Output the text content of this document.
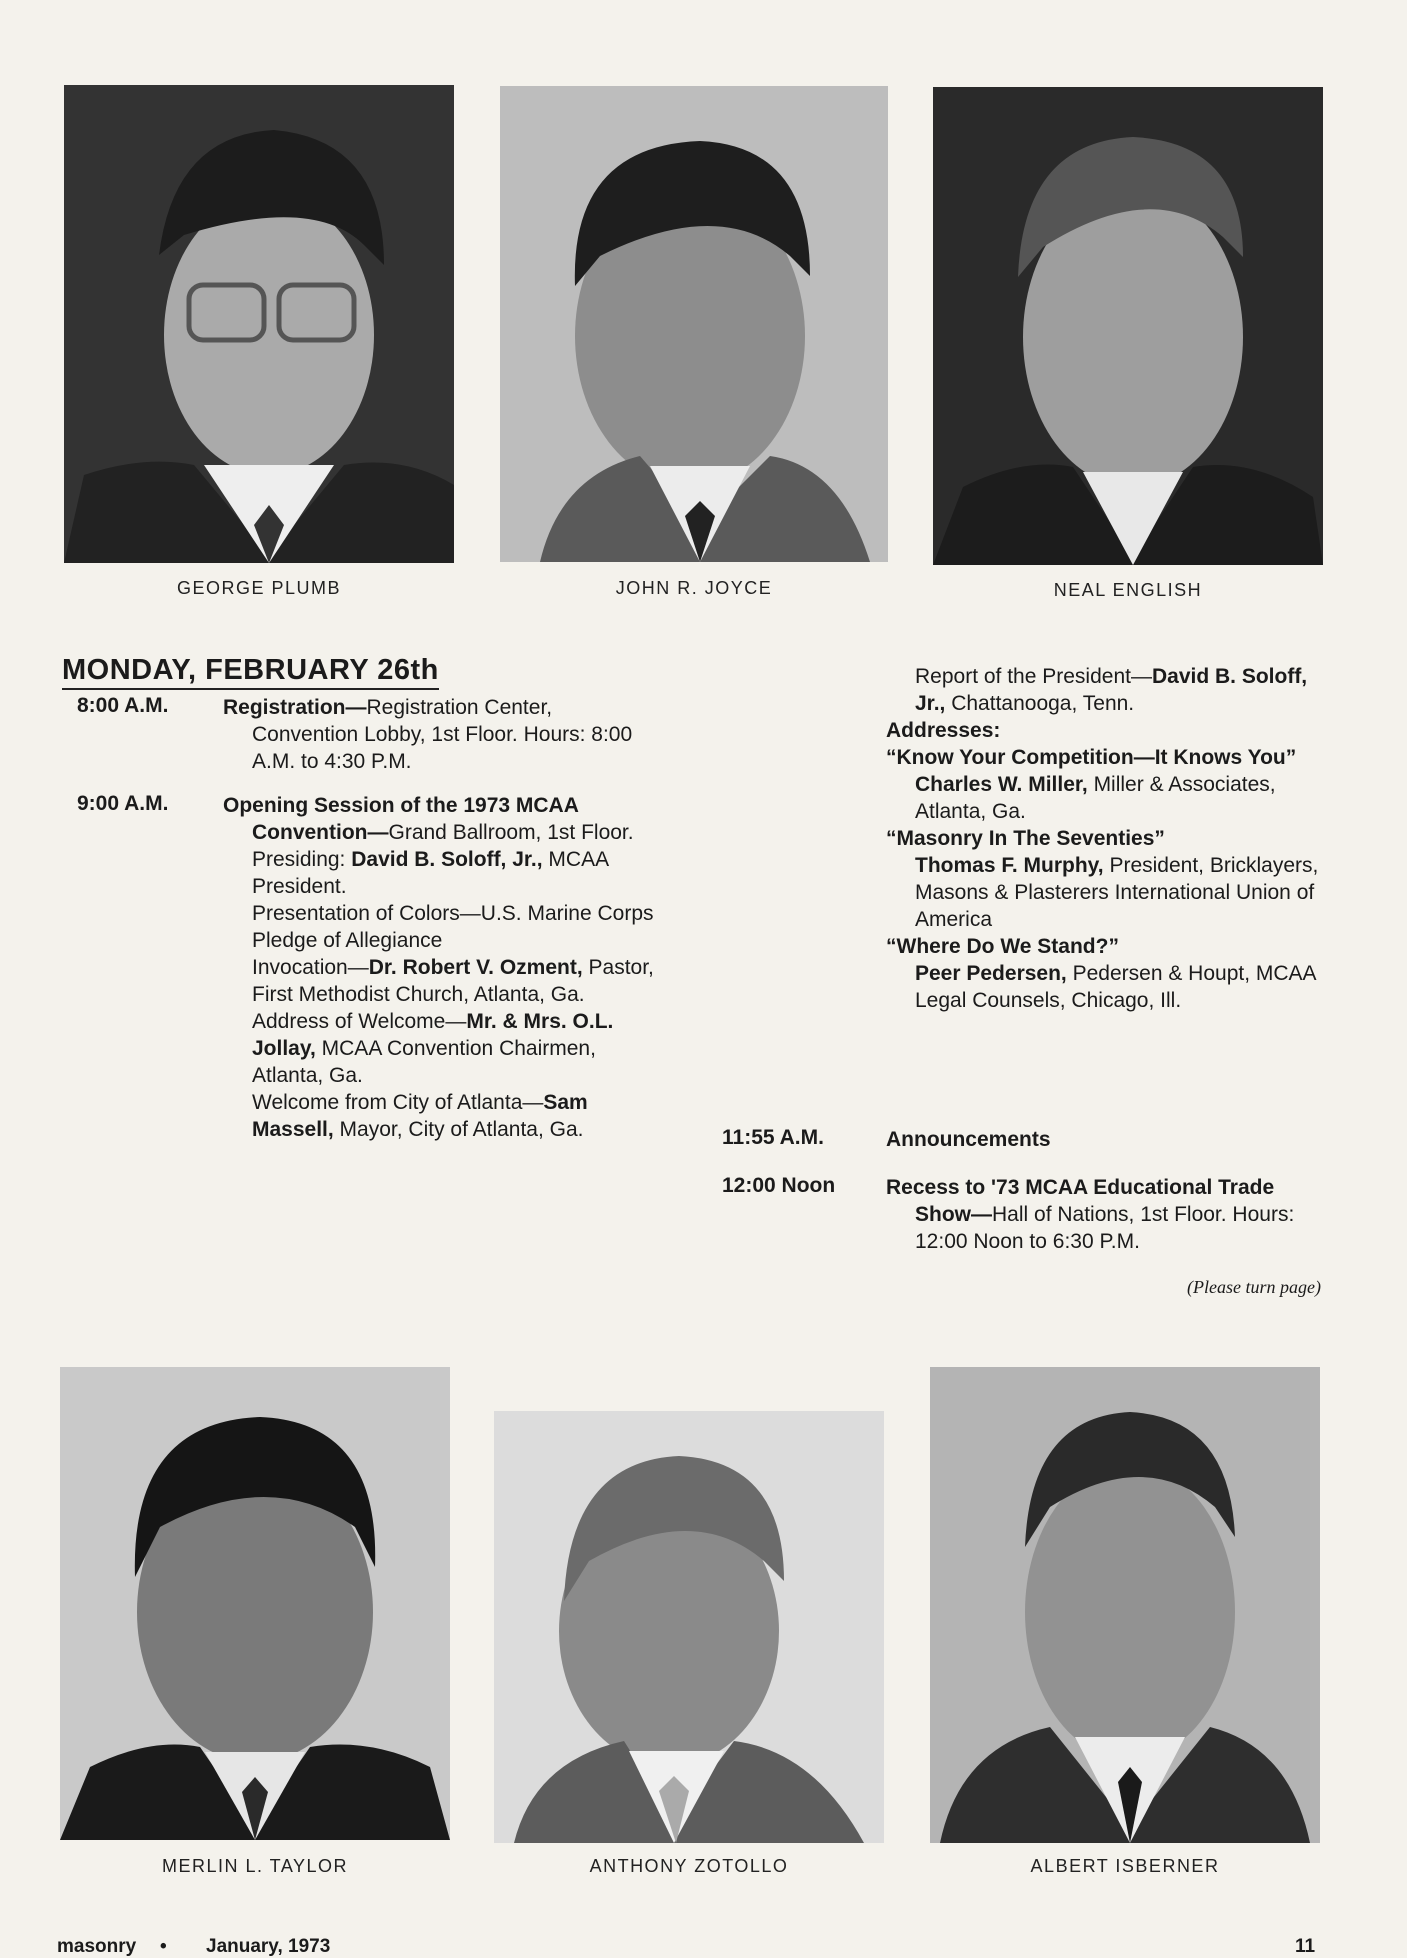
GEORGE PLUMB	JOHN R. JOYCE	NEAL ENGLISH
MONDAY, FEBRUARY 26th
8:00 A.M.	Registration—Registration Center, Convention Lobby, 1st Floor. Hours: 8:00 A.M. to 4:30 P.M.

9:00 A.M.	Opening Session of the 1973 MCAA Convention—Grand Ballroom, 1st Floor.

Presiding: David B. Soloff, Jr., MCAA President.

Presentation of Colors—U.S. Marine Corps

Pledge of Allegiance

Invocation—Dr. Robert V. Ozment, Pastor, First Methodist Church, Atlanta, Ga.

Address of Welcome—Mr. & Mrs. O.L. Jollay, MCAA Convention Chairmen, Atlanta, Ga.

Welcome from City of Atlanta—Sam Massell, Mayor, City of Atlanta, Ga.

Report of the President—David B. Soloff, Jr., Chattanooga, Tenn.

Addresses:

“Know Your Competition—It Knows You”

Charles W. Miller, Miller & Associates, Atlanta, Ga.

“Masonry In The Seventies”

Thomas F. Murphy, President, Bricklayers, Masons & Plasterers International Union of America

“Where Do We Stand?”

Peer Pedersen, Pedersen & Houpt, MCAA Legal Counsels, Chicago, Ill.

11:55 A.M.	Announcements
12:00 Noon Recess to '73 MCAA Educational Trade Show—Hall of Nations, 1st Floor. Hours: 12:00 Noon to 6:30 P.M.

(Please turn page)
MERLIN L. TAYLOR	ANTHONY ZOTOLLO	ALBERT ISBERNER
masonry • January, 1973	11
